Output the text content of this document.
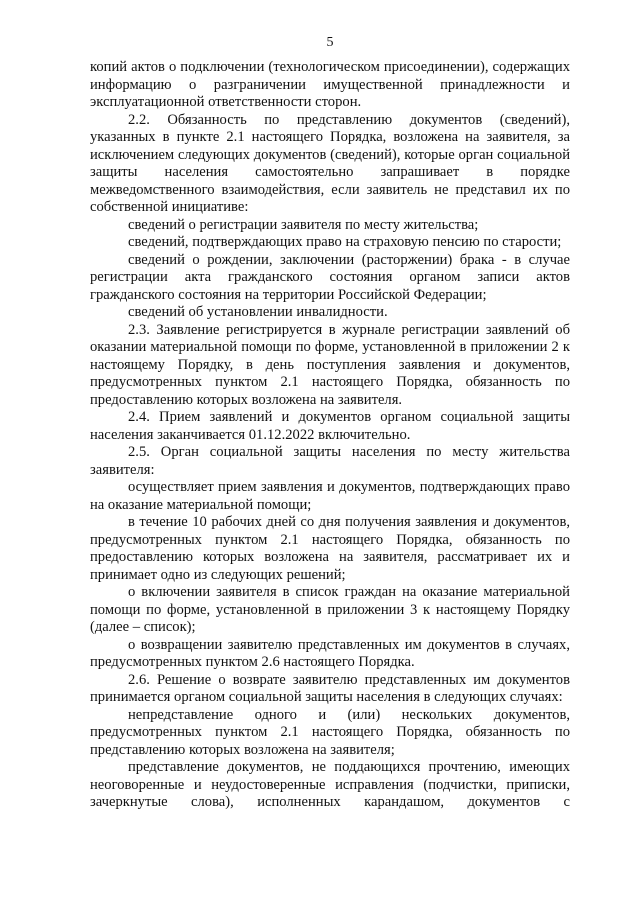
5

копий актов о подключении (технологическом присоединении), содержащих информацию о разграничении имущественной принадлежности и эксплуатационной ответственности сторон.

2.2. Обязанность по представлению документов (сведений), указанных в пункте 2.1 настоящего Порядка, возложена на заявителя, за исключением следующих документов (сведений), которые орган социальной защиты населения самостоятельно запрашивает в порядке межведомственного взаимодействия, если заявитель не представил их по собственной инициативе:

сведений о регистрации заявителя по месту жительства;

сведений, подтверждающих право на страховую пенсию по старости;

сведений о рождении, заключении (расторжении) брака - в случае регистрации акта гражданского состояния органом записи актов гражданского состояния на территории Российской Федерации;

сведений об установлении инвалидности.

2.3. Заявление регистрируется в журнале регистрации заявлений об оказании материальной помощи по форме, установленной в приложении 2 к настоящему Порядку, в день поступления заявления и документов, предусмотренных пунктом 2.1 настоящего Порядка, обязанность по предоставлению которых возложена на заявителя.

2.4. Прием заявлений и документов органом социальной защиты населения заканчивается 01.12.2022 включительно.

2.5. Орган социальной защиты населения по месту жительства заявителя:

осуществляет прием заявления и документов, подтверждающих право на оказание материальной помощи;

в течение 10 рабочих дней со дня получения заявления и документов, предусмотренных пунктом 2.1 настоящего Порядка, обязанность по предоставлению которых возложена на заявителя, рассматривает их и принимает одно из следующих решений;

о включении заявителя в список граждан на оказание материальной помощи по форме, установленной в приложении 3 к настоящему Порядку (далее – список);

о возвращении заявителю представленных им документов в случаях, предусмотренных пунктом 2.6 настоящего Порядка.

2.6. Решение о возврате заявителю представленных им документов принимается органом социальной защиты населения в следующих случаях:

непредставление одного и (или) нескольких документов, предусмотренных пунктом 2.1 настоящего Порядка, обязанность по представлению которых возложена на заявителя;

представление документов, не поддающихся прочтению, имеющих неоговоренные и неудостоверенные исправления (подчистки, приписки, зачеркнутые слова), исполненных карандашом, документов с
